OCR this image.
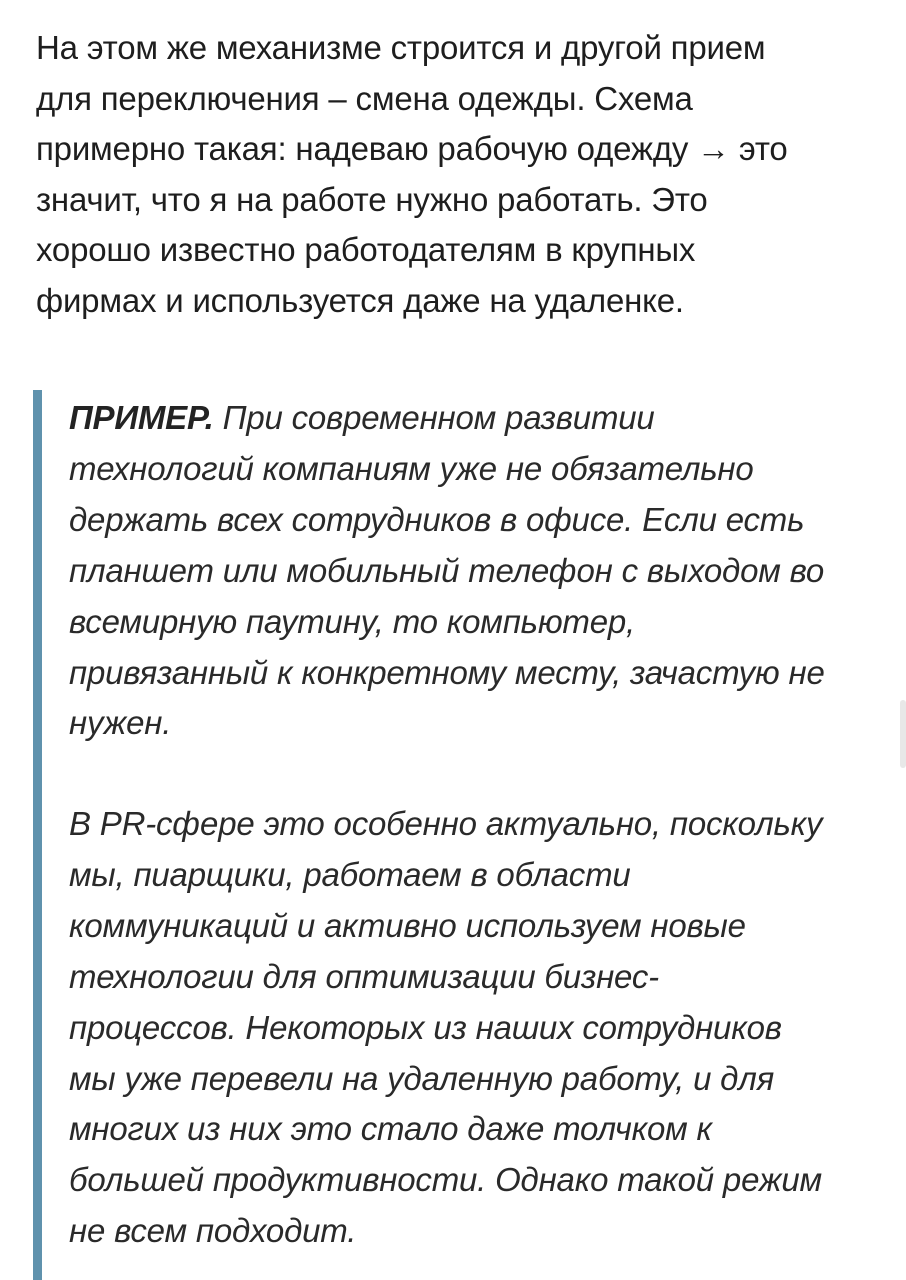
На этом же механизме строится и другой прием
для переключения – смена одежды. Схема
примерно такая: надеваю рабочую одежду → это
значит, что я на работе нужно работать. Это
хорошо известно работодателям в крупных
фирмах и используется даже на удаленке.

ПРИМЕР. При современном развитии
технологий компаниям уже не обязательно
держать всех сотрудников в офисе. Если есть
планшет или мобильный телефон с выходом во
всемирную паутину, то компьютер,
привязанный к конкретному месту, зачастую не
нужен.

В PR-сфере это особенно актуально, поскольку
мы, пиарщики, работаем в области
коммуникаций и активно используем новые
технологии для оптимизации бизнес-
процессов. Некоторых из наших сотрудников
мы уже перевели на удаленную работу, и для
многих из них это стало даже толчком к
большей продуктивности. Однако такой режим
не всем подходит.
